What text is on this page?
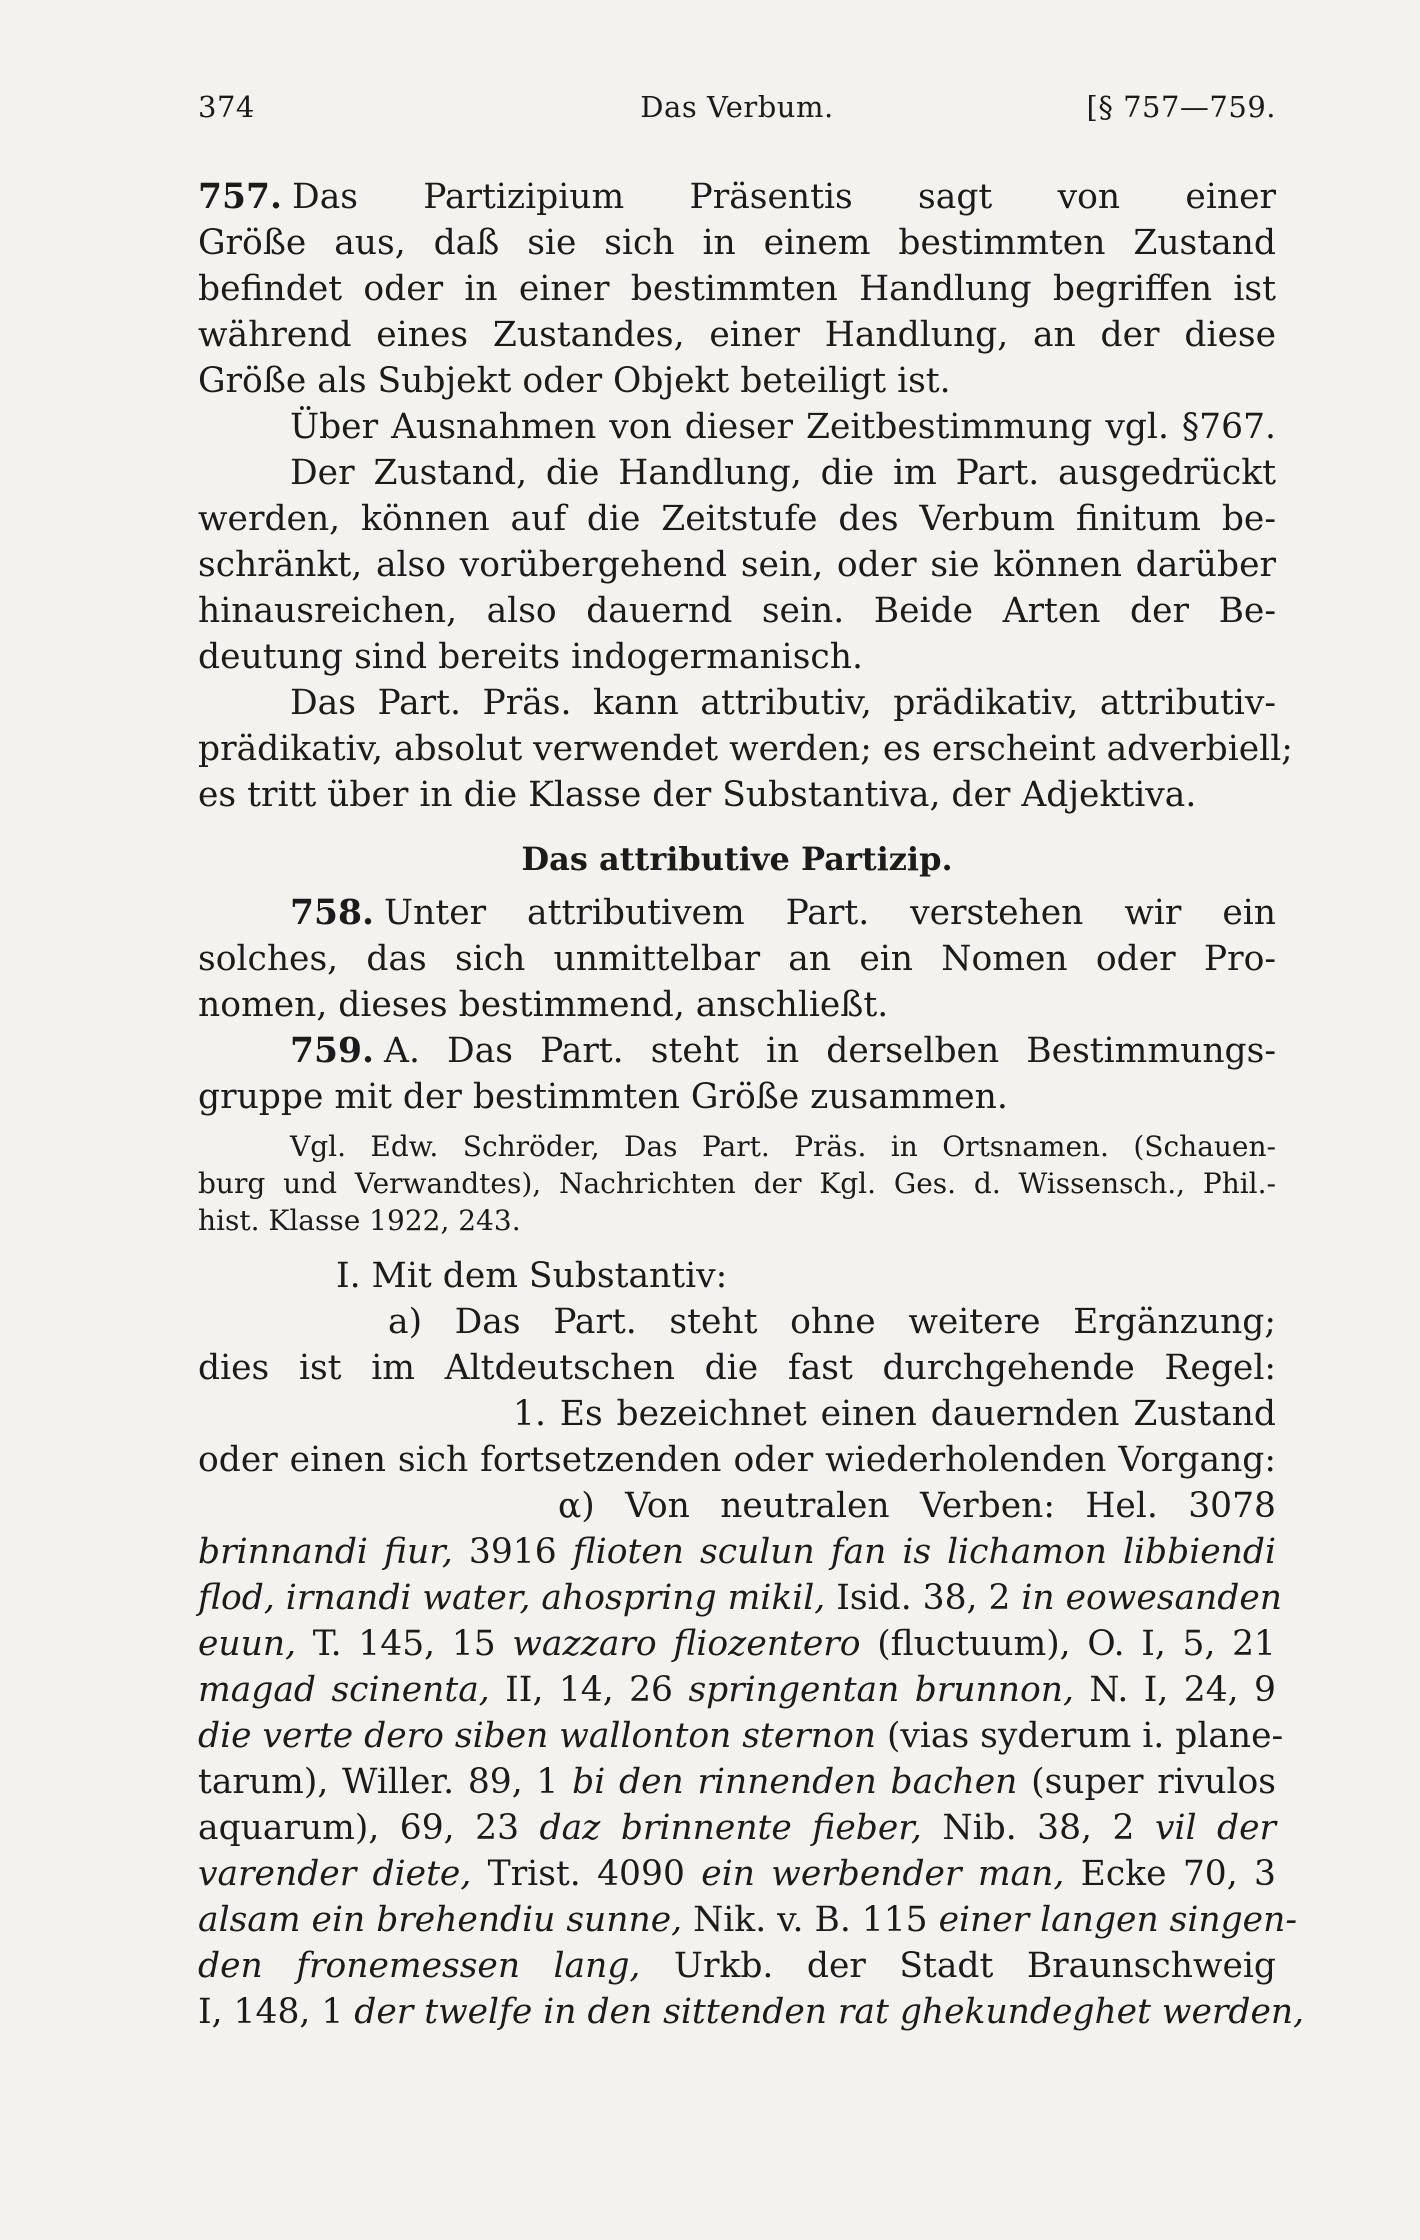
374	Das Verbum.	[§ 757—759.
757. Das Partizipium Präsentis sagt von einer
Größe aus, daß sie sich in einem bestimmten Zustand
befindet oder in einer bestimmten Handlung begriffen ist
während eines Zustandes, einer Handlung, an der diese
Größe als Subjekt oder Objekt beteiligt ist.
Über Ausnahmen von dieser Zeitbestimmung vgl. §767.
Der Zustand, die Handlung, die im Part. ausgedrückt
werden, können auf die Zeitstufe des Verbum finitum be-
schränkt, also vorübergehend sein, oder sie können darüber
hinausreichen, also dauernd sein. Beide Arten der Be-
deutung sind bereits indogermanisch.
Das Part. Präs. kann attributiv, prädikativ, attributiv-
prädikativ, absolut verwendet werden; es erscheint adverbiell;
es tritt über in die Klasse der Substantiva, der Adjektiva.
Das attributive Partizip.
758. Unter attributivem Part. verstehen wir ein
solches, das sich unmittelbar an ein Nomen oder Pro-
nomen, dieses bestimmend, anschließt.
759. A. Das Part. steht in derselben Bestimmungs-
gruppe mit der bestimmten Größe zusammen.
Vgl. Edw. Schröder, Das Part. Präs. in Ortsnamen. (Schauen-
burg und Verwandtes), Nachrichten der Kgl. Ges. d. Wissensch., Phil.-
hist. Klasse 1922, 243.
I. Mit dem Substantiv:
a) Das Part. steht ohne weitere Ergänzung;
dies ist im Altdeutschen die fast durchgehende Regel:
1. Es bezeichnet einen dauernden Zustand
oder einen sich fortsetzenden oder wiederholenden Vorgang:
α) Von neutralen Verben: Hel. 3078
brinnandi fiur, 3916 flioten sculun fan is lichamon libbiendi
flod, irnandi water, ahospring mikil, Isid. 38, 2 in eowesanden
euun, T. 145, 15 wazzaro fliozentero (fluctuum), O. I, 5, 21
magad scinenta, II, 14, 26 springentan brunnon, N. I, 24, 9
die verte dero siben wallonton sternon (vias syderum i. plane-
tarum), Willer. 89, 1 bi den rinnenden bachen (super rivulos
aquarum), 69, 23 daz brinnente fieber, Nib. 38, 2 vil der
varender diete, Trist. 4090 ein werbender man, Ecke 70, 3
alsam ein brehendiu sunne, Nik. v. B. 115 einer langen singen-
den fronemessen lang, Urkb. der Stadt Braunschweig
I, 148, 1 der twelfe in den sittenden rat ghekundeghet werden,
